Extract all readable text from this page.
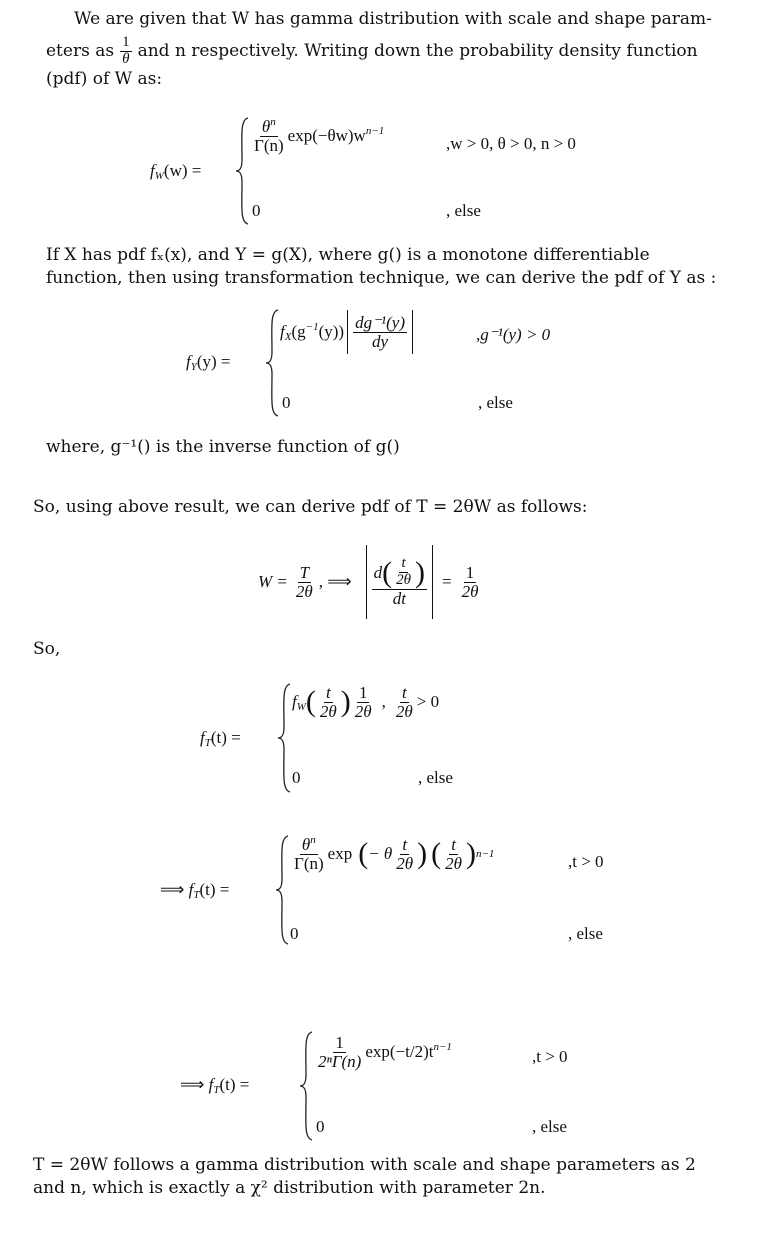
We are given that W has gamma distribution with scale and shape param-
eters as $\frac{1}{\theta}$ and n respectively. Writing down the probability density function
(pdf) of W as:
$f_W(w)$ =
$\frac{\theta^n}{\Gamma(n)} \exp(-\theta w)w^{n-1}$
,w > 0, θ > 0, n > 0
0	, else
If X has pdf fₓ(x), and Y = g(X), where g() is a monotone differentiable
function, then using transformation technique, we can derive the pdf of Y as :
$f_Y(y)$ =
$f_X(g^{-1}(y)) \frac{\text{dg⁻¹(y)}}{dy}$	,g⁻¹(y) > 0
0	, else
where, g⁻¹() is the inverse function of g()
So, using above result, we can derive pdf of T = 2θW as follows:
$W = \frac{T}{2\theta}$ , ⟹ $\frac{d ( \frac{t}{2\theta} )}{dt} = \frac{1}{2\theta}$
So,
$f_T(t)$ =
$f_W$ ( $\frac{t}{2\theta}$ ) $\frac{1}{2\theta}$ , $\frac{t}{2\theta} > 0$
0	, else
⟹ $f_T(t)$ =
$\frac{\theta^n}{\Gamma(n)}$ exp ( − θ $\frac{t}{2\theta}$ ) ( $\frac{t}{2\theta}$ ) n−1	,t > 0
0	, else
⟹ $f_T(t)$ =
$\frac{1}{\text{2ⁿΓ(n)}} \exp(-t/2)t^{n-1}$	,t > 0
0	, else
T = 2θW follows a gamma distribution with scale and shape parameters as 2
and n, which is exactly a χ² distribution with parameter 2n.
